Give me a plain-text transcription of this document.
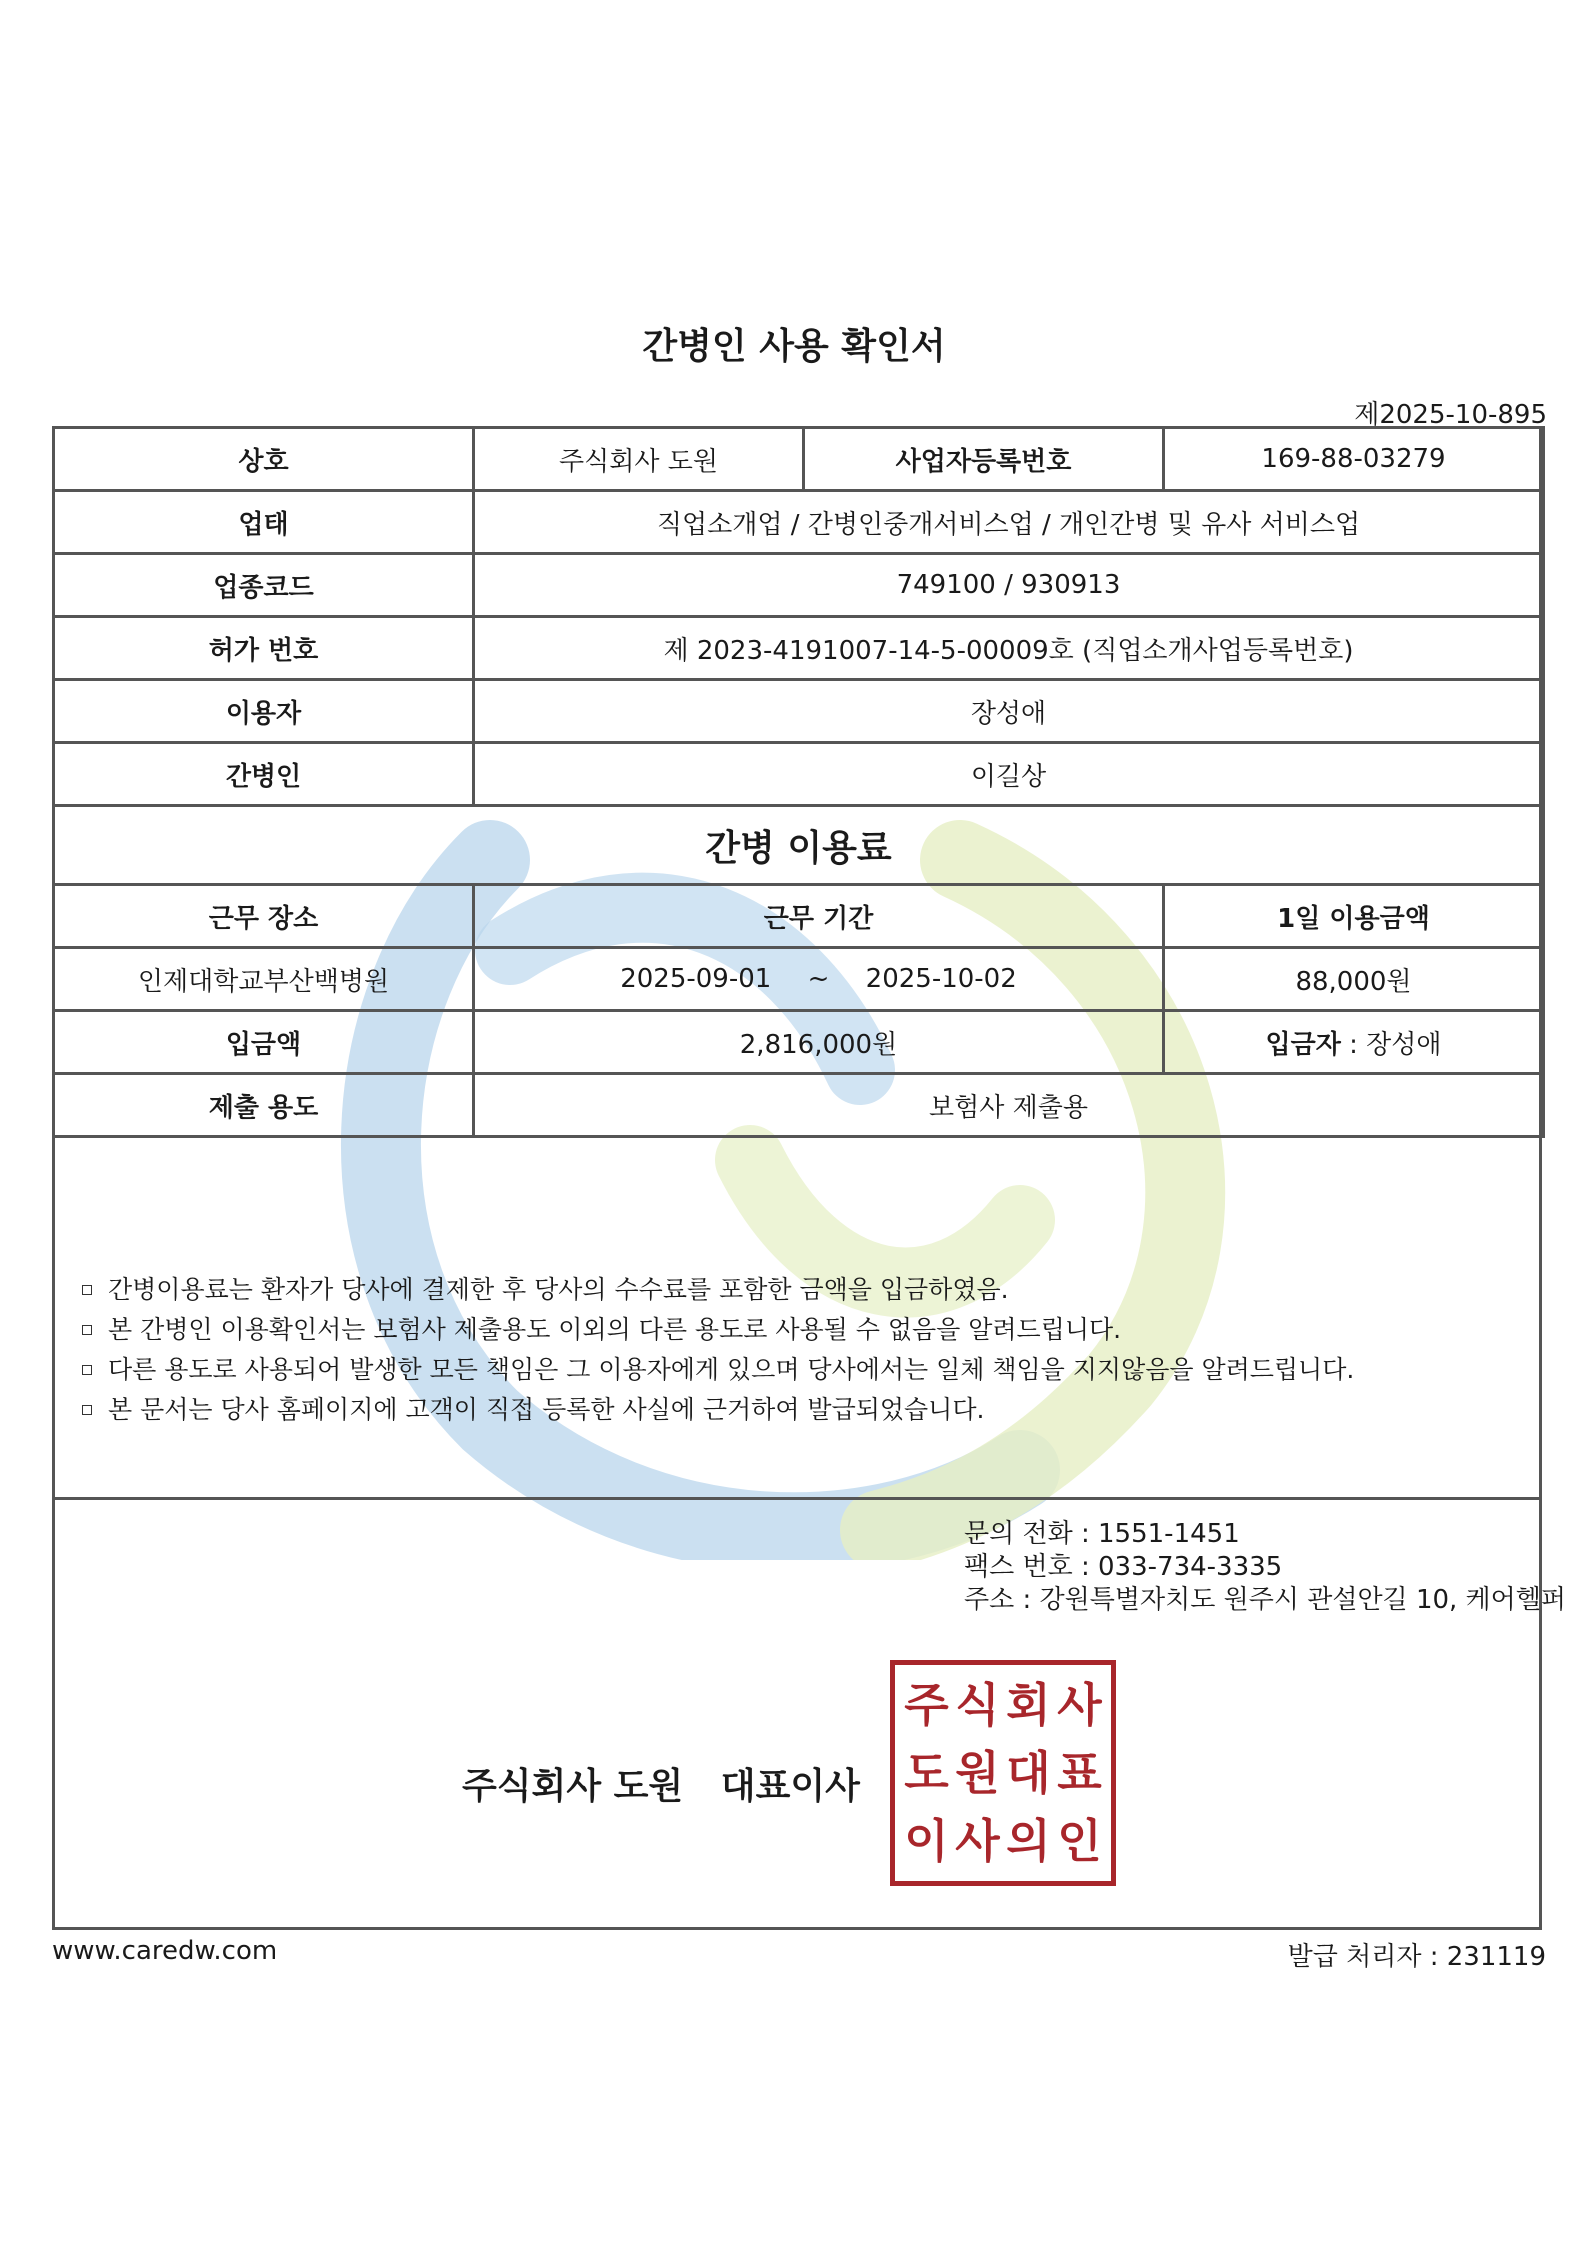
간병인 사용 확인서
제2025-10-895
상호	주식회사 도원	사업자등록번호	169-88-03279
업태	직업소개업 / 간병인중개서비스업 / 개인간병 및 유사 서비스업		
업종코드	749100 / 930913		
허가 번호	제 2023-4191007-14-5-00009호 (직업소개사업등록번호)		
이용자	장성애		
간병인	이길상		
간병 이용료			
근무 장소	근무 기간		1일 이용금액
인제대학교부산백병원	2025-09-01 ~ 2025-10-02		88,000원
입금액	2,816,000원		입금자 : 장성애
제출 용도	보험사 제출용		
간병이용료는 환자가 당사에 결제한 후 당사의 수수료를 포함한 금액을 입금하였음.
본 간병인 이용확인서는 보험사 제출용도 이외의 다른 용도로 사용될 수 없음을 알려드립니다.
다른 용도로 사용되어 발생한 모든 책임은 그 이용자에게 있으며 당사에서는 일체 책임을 지지않음을 알려드립니다.
본 문서는 당사 홈페이지에 고객이 직접 등록한 사실에 근거하여 발급되었습니다.
문의 전화 : 1551-1451
팩스 번호 : 033-734-3335
주소 : 강원특별자치도 원주시 관설안길 10, 케어헬퍼
주식회사 도원   대표이사
주 식 회 사
도 원 대 표
이 사 의 인
www.caredw.com	발급 처리자 : 231119
